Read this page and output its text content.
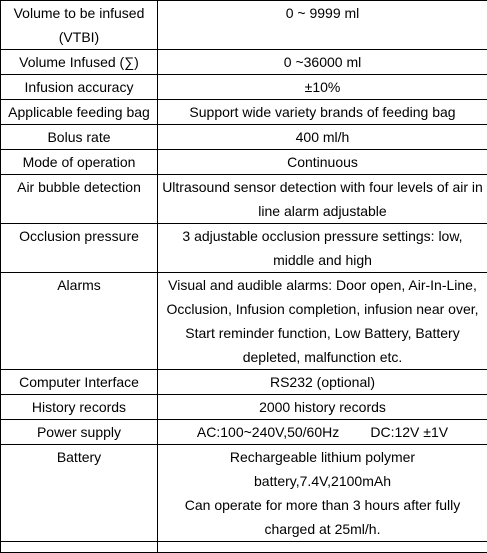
Volume to be infused
(VTBI)	0 ~ 9999 ml

Volume Infused (∑)	0 ~36000 ml

Infusion accuracy	±10%

Applicable feeding bag	Support wide variety brands of feeding bag

Bolus rate	400 ml/h

Mode of operation	Continuous

Air bubble detection	Ultrasound sensor detection with four levels of air in
line alarm adjustable

Occlusion pressure	3 adjustable occlusion pressure settings: low,
middle and high

Alarms	Visual and audible alarms: Door open, Air-In-Line,
Occlusion, Infusion completion, infusion near over,
Start reminder function, Low Battery, Battery
depleted, malfunction etc.

Computer Interface	RS232 (optional)

History records	2000 history records

Power supply	AC:100~240V,50/60Hz        DC:12V ±1V

Battery	Rechargeable lithium polymer
battery,7.4V,2100mAh
Can operate for more than 3 hours after fully
charged at 25ml/h.
